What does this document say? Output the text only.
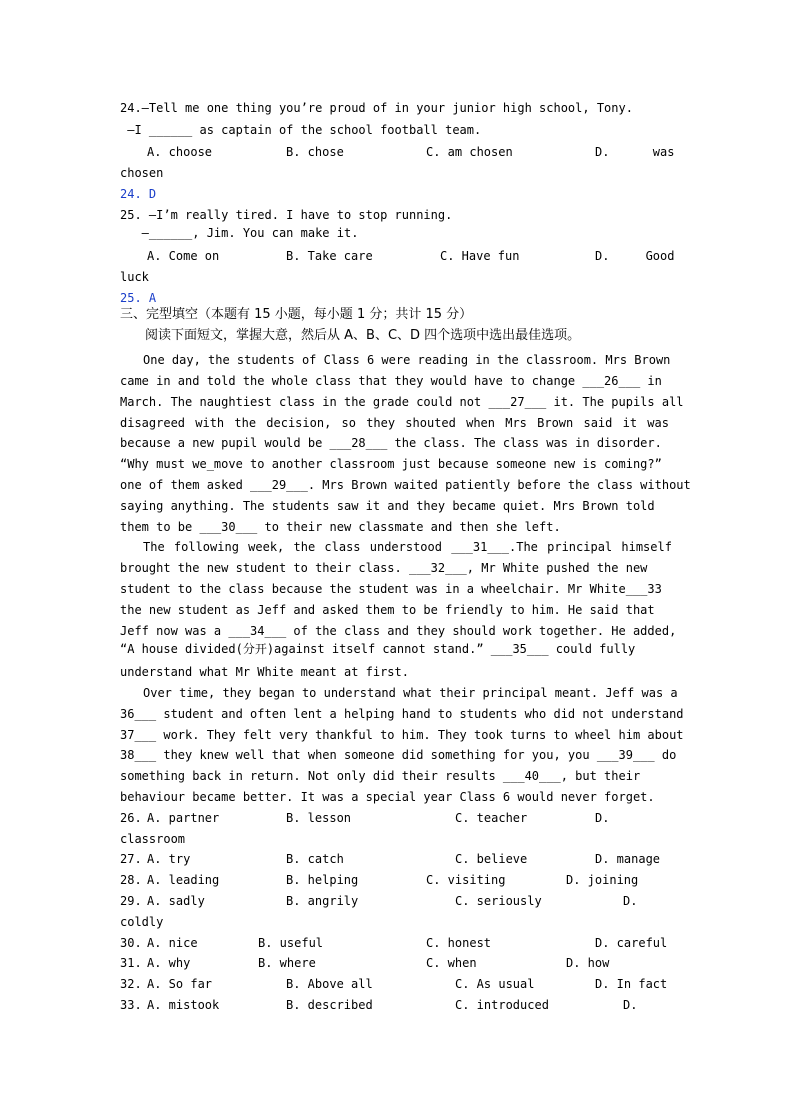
24.—Tell me one thing you’re proud of in your junior high school, Tony.
—I ______ as captain of the school football team.

A. choose

	B. chose

	C. am chosen

	D.      was

chosen
24. D
25. —I’m really tired. I have to stop running.
—______, Jim. You can make it.

A. Come on

	B. Take care

	C. Have fun

	D.     Good

luck
25. A
三、完型填空（本题有 15 小题，每小题 1 分；共计 15 分）
阅读下面短文，掌握大意，然后从 A、B、C、D 四个选项中选出最佳选项。
One day, the students of Class 6 were reading in the classroom. Mrs Brown
came in and told the whole class that they would have to change ___26___ in
March. The naughtiest class in the grade could not ___27___ it. The pupils all
disagreed with the decision, so they shouted when Mrs Brown said it was
because a new pupil would be ___28___ the class. The class was in disorder.
“Why must we_move to another classroom just because someone new is coming?”
one of them asked ___29___. Mrs Brown waited patiently before the class without
saying anything. The students saw it and they became quiet. Mrs Brown told
them to be ___30___ to their new classmate and then she left.
The following week, the class understood ___31___.The principal himself
brought the new student to their class. ___32___, Mr White pushed the new
student to the class because the student was in a wheelchair. Mr White___33
the new student as Jeff and asked them to be friendly to him. He said that
Jeff now was a ___34___ of the class and they should work together. He added,
“A house divided(分开)against itself cannot stand.” ___35___ could fully
understand what Mr White meant at first.
Over time, they began to understand what their principal meant. Jeff was a
36___ student and often lent a helping hand to students who did not understand
37___ work. They felt very thankful to him. They took turns to wheel him about
38___ they knew well that when someone did something for you, you ___39___ do
something back in return. Not only did their results ___40___, but their
behaviour became better. It was a special year Class 6 would never forget.

26.

A. partner

	B. lesson

	C. teacher

	D.

classroom

27.

A. try

	B. catch

	C. believe

	D. manage

28.

A. leading

	B. helping

	C. visiting

	D. joining

29.

A. sadly

	B. angrily

	C. seriously

	D.

coldly

30.

A. nice

	B. useful

	C. honest

	D. careful

31.

A. why

	B. where

	C. when

	D. how

32.

A. So far

	B. Above all

	C. As usual

	D. In fact

33.

A. mistook

	B. described

	C. introduced

	D.
